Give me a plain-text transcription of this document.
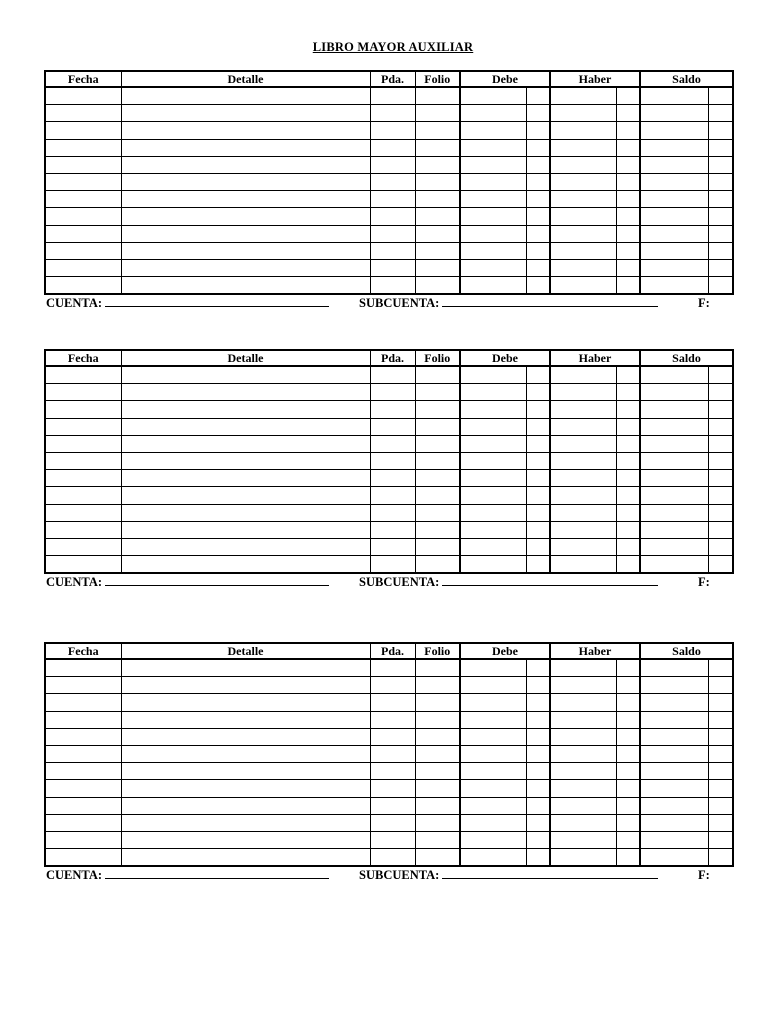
LIBRO MAYOR AUXILIAR
Fecha	Detalle	Pda.	Folio	Debe		Haber		Saldo	

CUENTA:	SUBCUENTA:	F:
Fecha	Detalle	Pda.	Folio	Debe		Haber		Saldo	

CUENTA:	SUBCUENTA:	F:
Fecha	Detalle	Pda.	Folio	Debe		Haber		Saldo	

CUENTA:	SUBCUENTA:	F:
